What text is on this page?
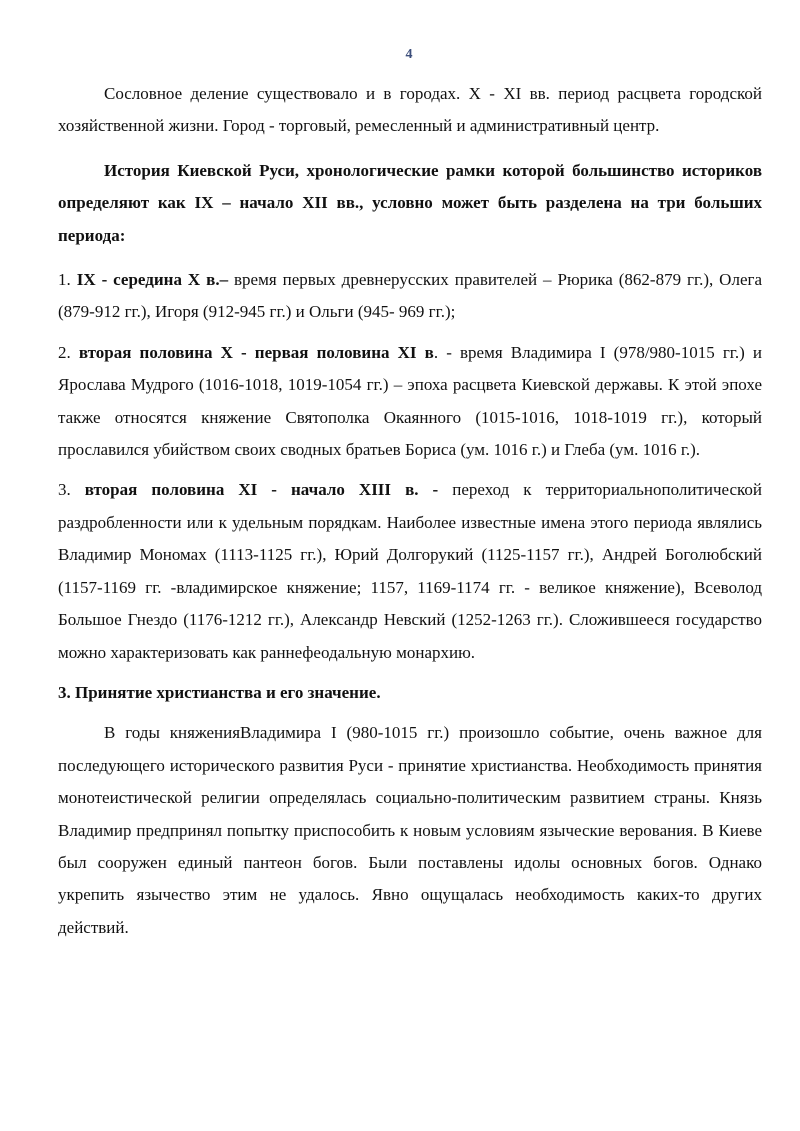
4

Сословное деление существовало и в городах. X - XI вв. период расцвета городской хозяйственной жизни. Город - торговый, ремесленный и административный центр.

История Киевской Руси, хронологические рамки которой большинство историков определяют как IX – начало XII вв., условно может быть разделена на три больших периода:

1. IX - середина X в.– время первых древнерусских правителей – Рюрика (862-879 гг.), Олега (879-912 гг.), Игоря (912-945 гг.) и Ольги (945- 969 гг.);

2. вторая половина X - первая половина XI в. - время Владимира I (978/980-1015 гг.) и Ярослава Мудрого (1016-1018, 1019-1054 гг.) – эпоха расцвета Киевской державы. К этой эпохе также относятся княжение Святополка Окаянного (1015-1016, 1018-1019 гг.), который прославился убийством своих сводных братьев Бориса (ум. 1016 г.) и Глеба (ум. 1016 г.).

3. вторая половина XI - начало XIII в. - переход к территориальнополитической раздробленности или к удельным порядкам. Наиболее известные имена этого периода являлись Владимир Мономах (1113-1125 гг.), Юрий Долгорукий (1125-1157 гг.), Андрей Боголюбский (1157-1169 гг. -владимирское княжение; 1157, 1169-1174 гг. - великое княжение), Всеволод Большое Гнездо (1176-1212 гг.), Александр Невский (1252-1263 гг.). Сложившееся государство можно характеризовать как раннефеодальную монархию.

3. Принятие христианства и его значение.

В годы княженияВладимира I (980-1015 гг.) произошло событие, очень важное для последующего исторического развития Руси - принятие христианства. Необходимость принятия монотеистической религии определялась социально-политическим развитием страны. Князь Владимир предпринял попытку приспособить к новым условиям языческие верования. В Киеве был сооружен единый пантеон богов. Были поставлены идолы основных богов. Однако укрепить язычество этим не удалось. Явно ощущалась необходимость каких-то других действий.
